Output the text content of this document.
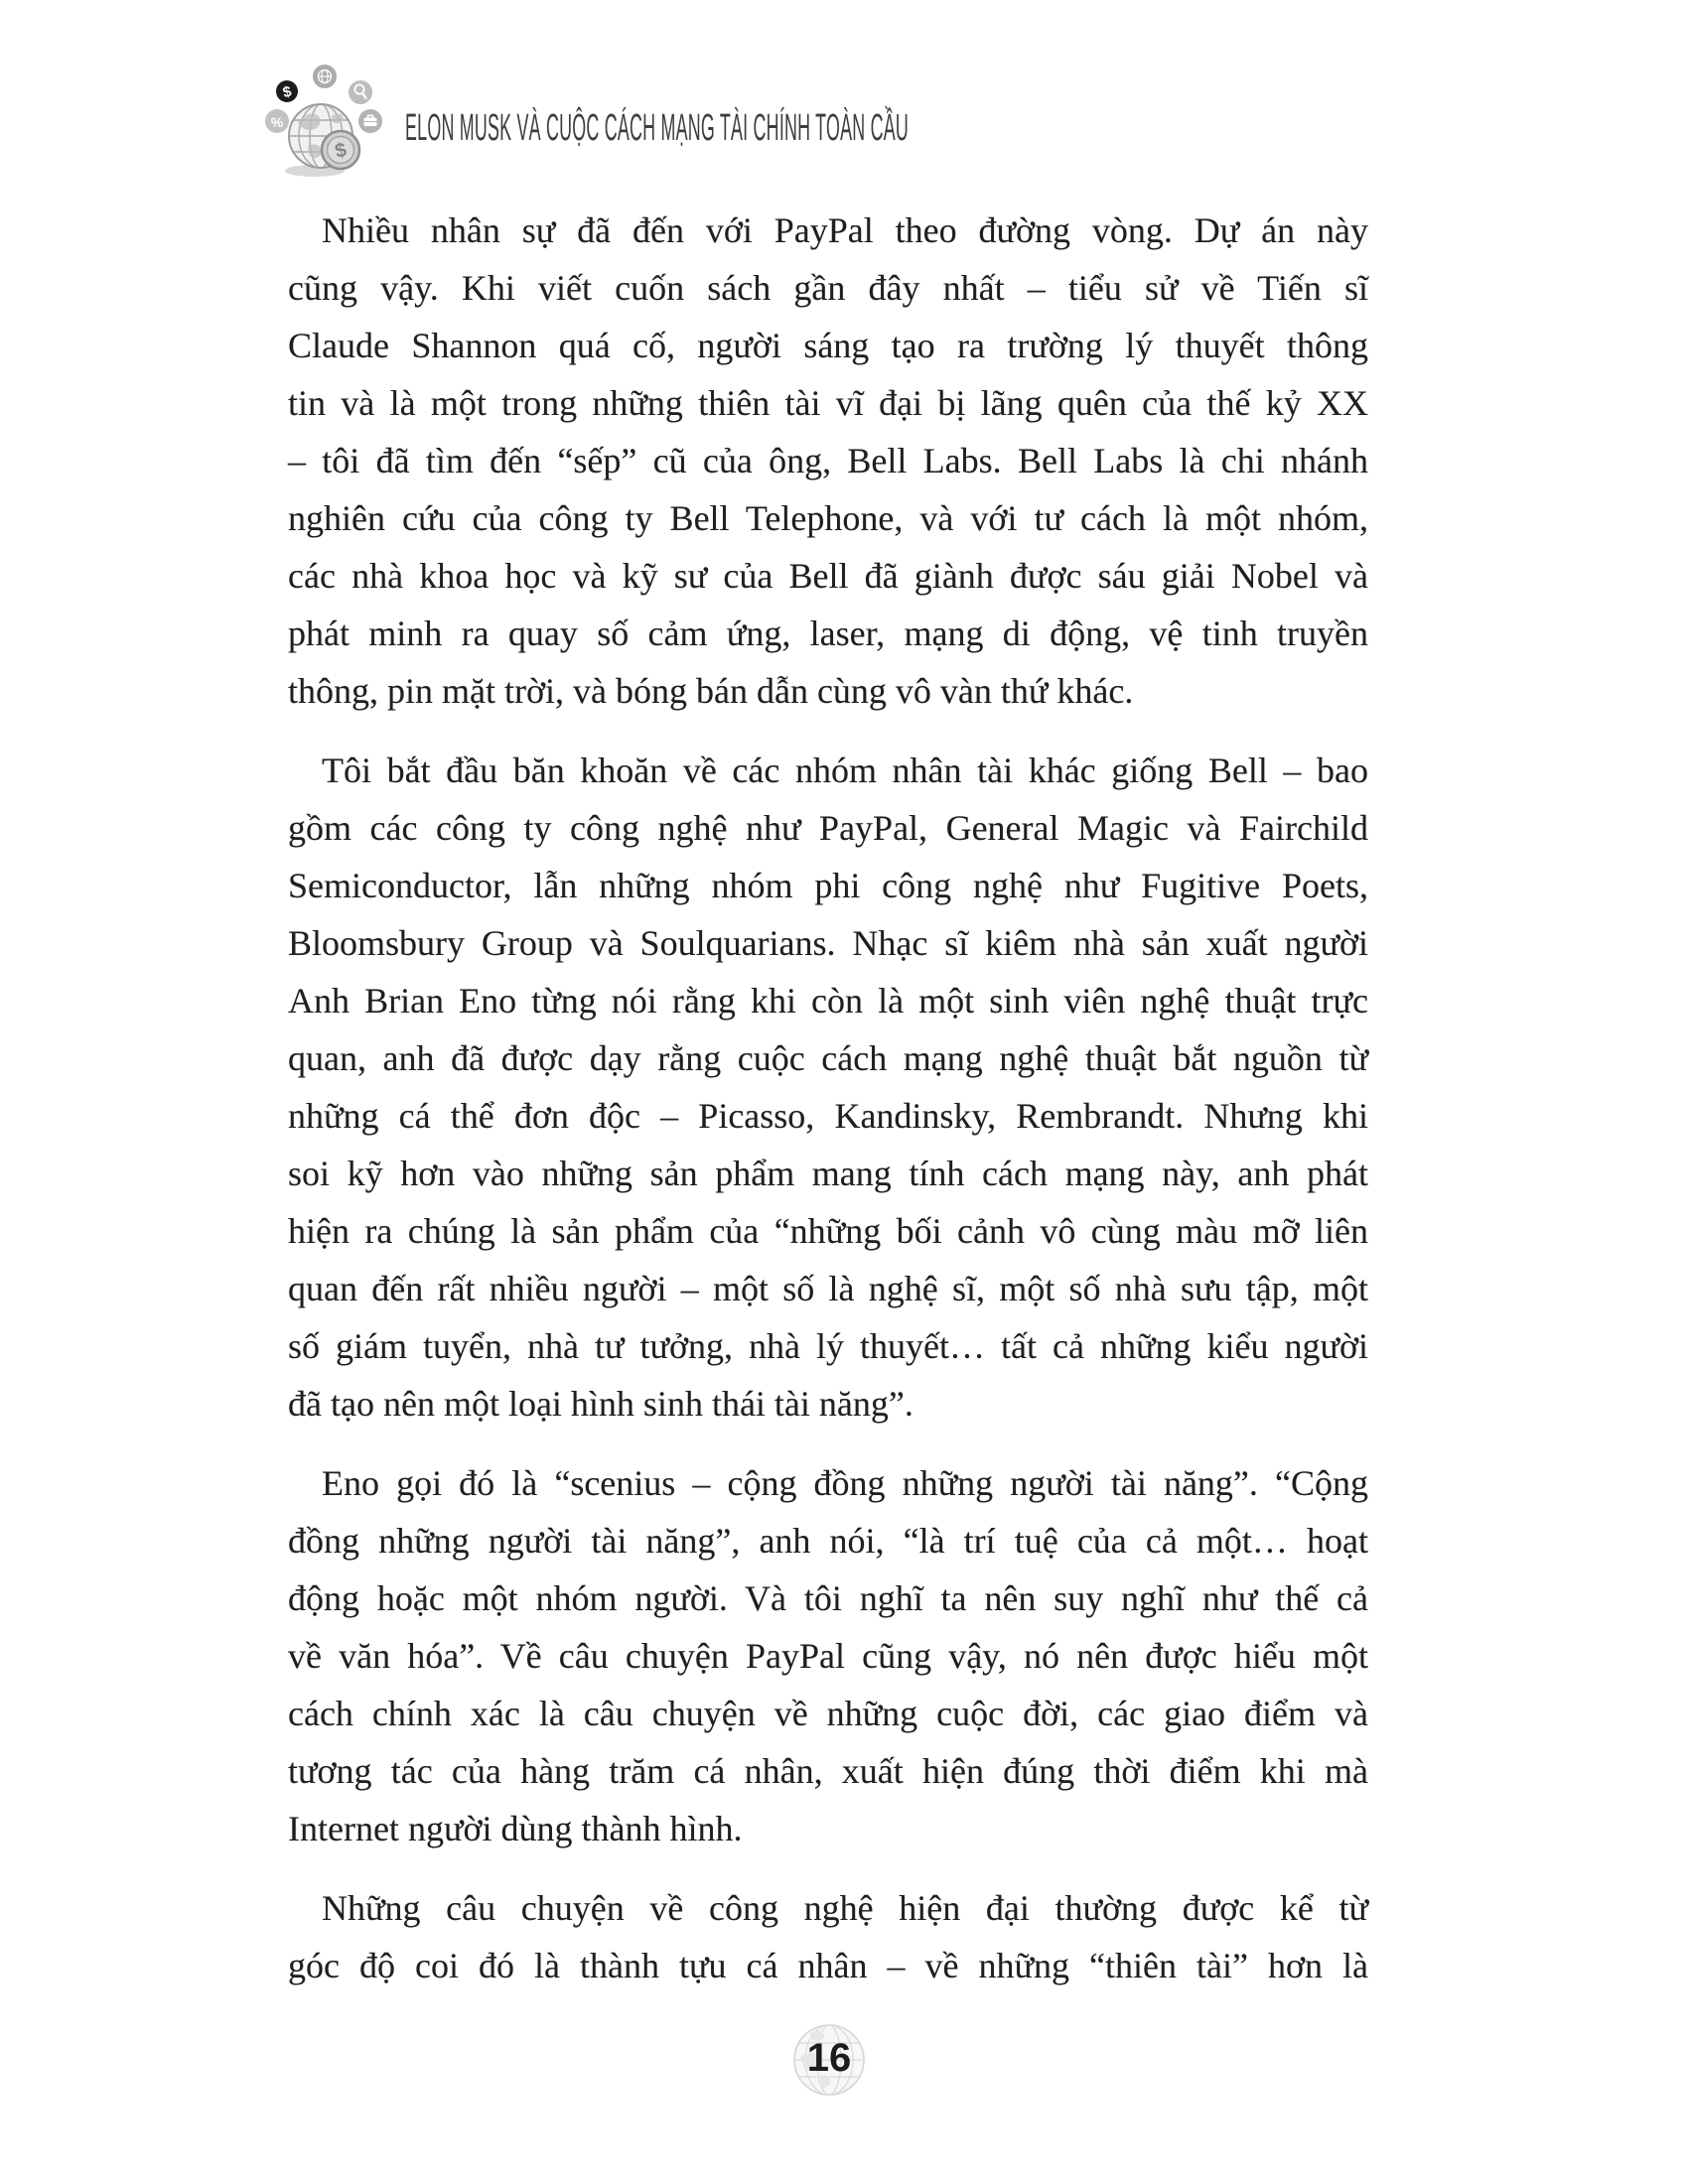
$
$
%	ELON MUSK VÀ CUỘC CÁCH MẠNG TÀI CHÍNH TOÀN CẦU

Nhiều nhân sự đã đến với PayPal theo đường vòng. Dự án này
cũng vậy. Khi viết cuốn sách gần đây nhất – tiểu sử về Tiến sĩ
Claude Shannon quá cố, người sáng tạo ra trường lý thuyết thông
tin và là một trong những thiên tài vĩ đại bị lãng quên của thế kỷ XX
– tôi đã tìm đến “sếp” cũ của ông, Bell Labs. Bell Labs là chi nhánh
nghiên cứu của công ty Bell Telephone, và với tư cách là một nhóm,
các nhà khoa học và kỹ sư của Bell đã giành được sáu giải Nobel và
phát minh ra quay số cảm ứng, laser, mạng di động, vệ tinh truyền
thông, pin mặt trời, và bóng bán dẫn cùng vô vàn thứ khác.

Tôi bắt đầu băn khoăn về các nhóm nhân tài khác giống Bell – bao
gồm các công ty công nghệ như PayPal, General Magic và Fairchild
Semiconductor, lẫn những nhóm phi công nghệ như Fugitive Poets,
Bloomsbury Group và Soulquarians. Nhạc sĩ kiêm nhà sản xuất người
Anh Brian Eno từng nói rằng khi còn là một sinh viên nghệ thuật trực
quan, anh đã được dạy rằng cuộc cách mạng nghệ thuật bắt nguồn từ
những cá thể đơn độc – Picasso, Kandinsky, Rembrandt. Nhưng khi
soi kỹ hơn vào những sản phẩm mang tính cách mạng này, anh phát
hiện ra chúng là sản phẩm của “những bối cảnh vô cùng màu mỡ liên
quan đến rất nhiều người – một số là nghệ sĩ, một số nhà sưu tập, một
số giám tuyển, nhà tư tưởng, nhà lý thuyết… tất cả những kiểu người
đã tạo nên một loại hình sinh thái tài năng”.

Eno gọi đó là “scenius – cộng đồng những người tài năng”. “Cộng
đồng những người tài năng”, anh nói, “là trí tuệ của cả một… hoạt
động hoặc một nhóm người. Và tôi nghĩ ta nên suy nghĩ như thế cả
về văn hóa”. Về câu chuyện PayPal cũng vậy, nó nên được hiểu một
cách chính xác là câu chuyện về những cuộc đời, các giao điểm và
tương tác của hàng trăm cá nhân, xuất hiện đúng thời điểm khi mà
Internet người dùng thành hình.

Những câu chuyện về công nghệ hiện đại thường được kể từ
góc độ coi đó là thành tựu cá nhân – về những “thiên tài” hơn là

16
